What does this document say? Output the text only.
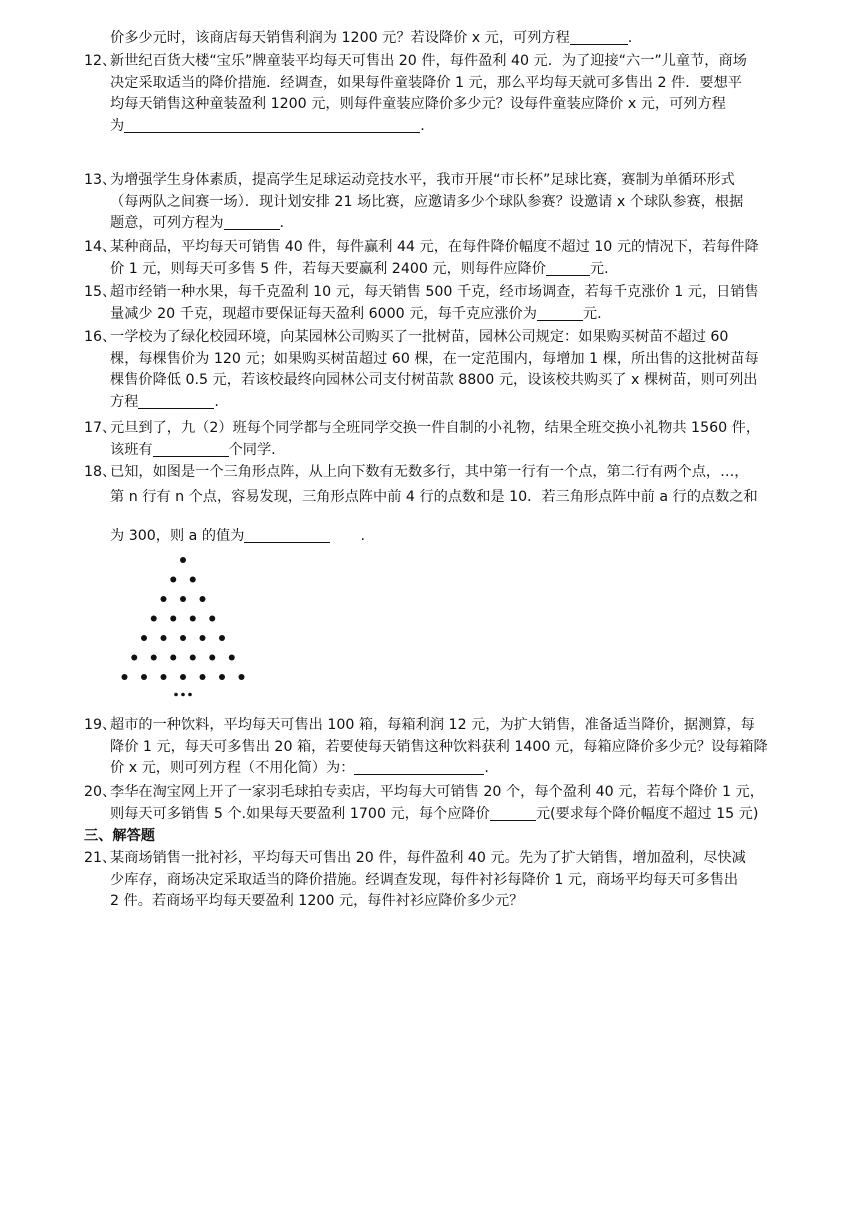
价多少元时，该商店每天销售利润为 1200 元？若设降价 x 元，可列方程	.
12、
新世纪百货大楼“宝乐”牌童装平均每天可售出 20 件，每件盈利 40 元．为了迎接“六一”儿童节，商场
决定采取适当的降价措施．经调查，如果每件童装降价 1 元，那么平均每天就可多售出 2 件．要想平
均每天销售这种童装盈利 1200 元，则每件童装应降价多少元？设每件童装应降价 x 元，可列方程
为	.
13、
为增强学生身体素质，提高学生足球运动竞技水平，我市开展“市长杯”足球比赛，赛制为单循环形式
（每两队之间赛一场）．现计划安排 21 场比赛，应邀请多少个球队参赛？设邀请 x 个球队参赛，根据
题意，可列方程为	.
14、
某种商品，平均每天可销售 40 件，每件赢利 44 元，在每件降价幅度不超过 10 元的情况下，若每件降
价 1 元，则每天可多售 5 件，若每天要赢利 2400 元，则每件应降价	元.
15、
超市经销一种水果，每千克盈利 10 元，每天销售 500 千克，经市场调查，若每千克涨价 1 元，日销售
量减少 20 千克，现超市要保证每天盈利 6000 元，每千克应涨价为	元.
16、
一学校为了绿化校园环境，向某园林公司购买了一批树苗，园林公司规定：如果购买树苗不超过 60
棵，每棵售价为 120 元；如果购买树苗超过 60 棵，在一定范围内，每增加 1 棵，所出售的这批树苗每
棵售价降低 0.5 元，若该校最终向园林公司支付树苗款 8800 元，设该校共购买了 x 棵树苗，则可列出
方程	.
17、
元旦到了，九（2）班每个同学都与全班同学交换一件自制的小礼物，结果全班交换小礼物共 1560 件，
该班有	个同学.
18、
已知，如图是一个三角形点阵，从上向下数有无数多行，其中第一行有一个点，第二行有两个点，…，
第 n 行有 n 个点，容易发现，三角形点阵中前 4 行的点数和是 10．若三角形点阵中前 a 行的点数之和
为 300，则 a 的值为	.
19、
超市的一种饮料，平均每天可售出 100 箱，每箱利润 12 元，为扩大销售，准备适当降价，据测算，每
降价 1 元，每天可多售出 20 箱，若要使每天销售这种饮料获利 1400 元，每箱应降价多少元？设每箱降
价 x 元，则可列方程（不用化简）为：	.
20、
李华在淘宝网上开了一家羽毛球拍专卖店，平均每大可销售 20 个，每个盈利 40 元，若每个降价 1 元，
则每天可多销售 5 个.如果每天要盈利 1700 元，每个应降价	元(要求每个降价幅度不超过 15 元)
三、解答题
21、
某商场销售一批衬衫，平均每天可售出 20 件，每件盈利 40 元。先为了扩大销售，增加盈利，尽快减
少库存，商场决定采取适当的降价措施。经调查发现，每件衬衫每降价 1 元，商场平均每天可多售出
2 件。若商场平均每天要盈利 1200 元，每件衬衫应降价多少元？
